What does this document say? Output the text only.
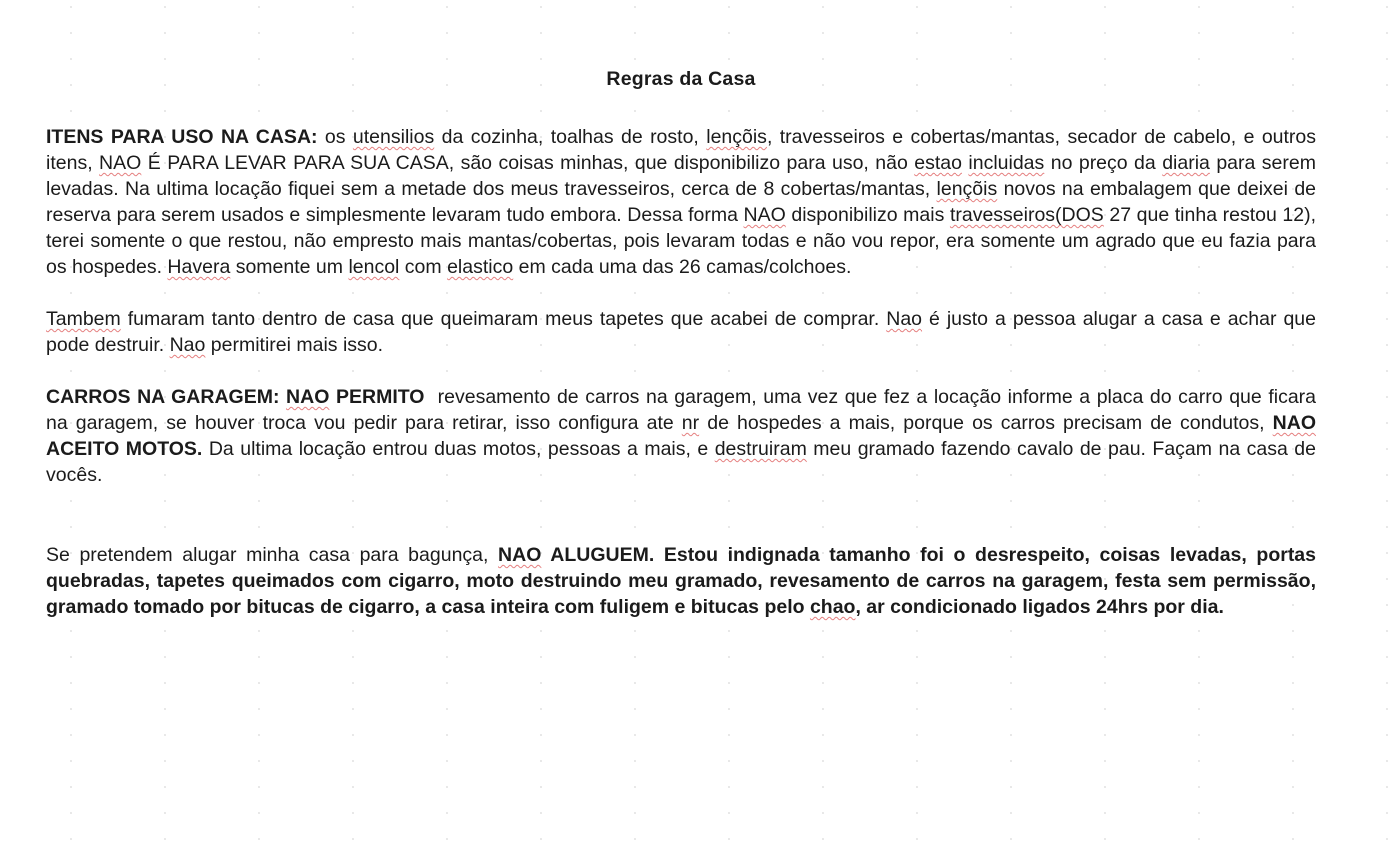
Regras da Casa
ITENS PARA USO NA CASA: os utensilios da cozinha, toalhas de rosto, lençõis, travesseiros e cobertas/mantas, secador de cabelo, e outros itens, NAO É PARA LEVAR PARA SUA CASA, são coisas minhas, que disponibilizo para uso, não estao incluidas no preço da diaria para serem levadas. Na ultima locação fiquei sem a metade dos meus travesseiros, cerca de 8 cobertas/mantas, lençõis novos na embalagem que deixei de reserva para serem usados e simplesmente levaram tudo embora. Dessa forma NAO disponibilizo mais travesseiros(DOS 27 que tinha restou 12), terei somente o que restou, não empresto mais mantas/cobertas, pois levaram todas e não vou repor, era somente um agrado que eu fazia para os hospedes. Havera somente um lencol com elastico em cada uma das 26 camas/colchoes.
Tambem fumaram tanto dentro de casa que queimaram meus tapetes que acabei de comprar. Nao é justo a pessoa alugar a casa e achar que pode destruir. Nao permitirei mais isso.
CARROS NA GARAGEM: NAO PERMITO  revesamento de carros na garagem, uma vez que fez a locação informe a placa do carro que ficara na garagem, se houver troca vou pedir para retirar, isso configura ate nr de hospedes a mais, porque os carros precisam de condutos, NAO ACEITO MOTOS. Da ultima locação entrou duas motos, pessoas a mais, e destruiram meu gramado fazendo cavalo de pau. Façam na casa de vocês.
Se pretendem alugar minha casa para bagunça, NAO ALUGUEM. Estou indignada tamanho foi o desrespeito, coisas levadas, portas quebradas, tapetes queimados com cigarro, moto destruindo meu gramado, revesamento de carros na garagem, festa sem permissão, gramado tomado por bitucas de cigarro, a casa inteira com fuligem e bitucas pelo chao, ar condicionado ligados 24hrs por dia.
